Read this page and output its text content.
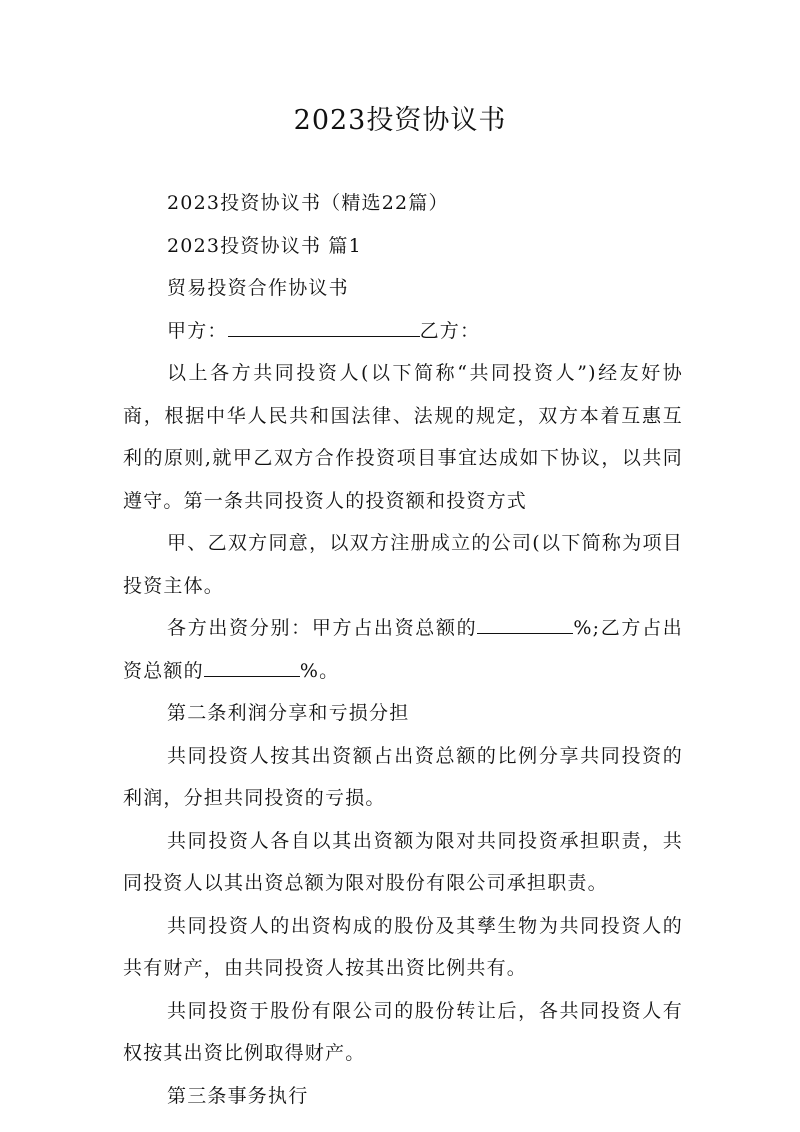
2023投资协议书

2023投资协议书（精选22篇）

2023投资协议书 篇1

贸易投资合作协议书

甲方：	乙方：

以上各方共同投资人(以下简称“共同投资人”)经友好协商，根据中华人民共和国法律、法规的规定，双方本着互惠互利的原则,就甲乙双方合作投资项目事宜达成如下协议，以共同遵守。第一条共同投资人的投资额和投资方式

甲、乙双方同意，以双方注册成立的公司(以下简称为项目投资主体。

各方出资分别：甲方占出资总额的	%;乙方占出资总额的	%。

第二条利润分享和亏损分担

共同投资人按其出资额占出资总额的比例分享共同投资的利润，分担共同投资的亏损。

共同投资人各自以其出资额为限对共同投资承担职责，共同投资人以其出资总额为限对股份有限公司承担职责。

共同投资人的出资构成的股份及其孳生物为共同投资人的共有财产，由共同投资人按其出资比例共有。

共同投资于股份有限公司的股份转让后，各共同投资人有权按其出资比例取得财产。

第三条事务执行
